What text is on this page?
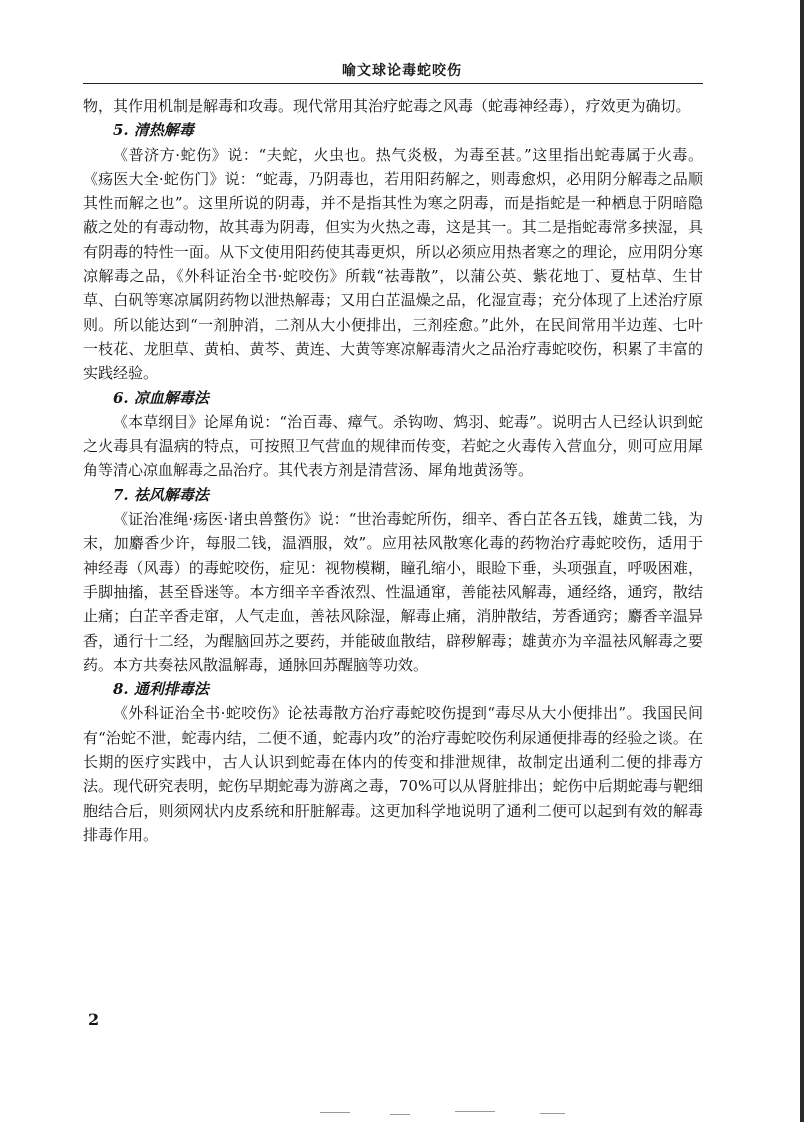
喻文球论毒蛇咬伤

物，其作用机制是解毒和攻毒。现代常用其治疗蛇毒之风毒（蛇毒神经毒），疗效更为确切。

5. 清热解毒

《普济方·蛇伤》说：“夫蛇，火虫也。热气炎极，为毒至甚。”这里指出蛇毒属于火毒。《疡医大全·蛇伤门》说：“蛇毒，乃阴毒也，若用阳药解之，则毒愈炽，必用阴分解毒之品顺其性而解之也”。这里所说的阴毒，并不是指其性为寒之阴毒，而是指蛇是一种栖息于阴暗隐蔽之处的有毒动物，故其毒为阴毒，但实为火热之毒，这是其一。其二是指蛇毒常多挟湿，具有阴毒的特性一面。从下文使用阳药使其毒更炽，所以必须应用热者寒之的理论，应用阴分寒凉解毒之品，《外科证治全书·蛇咬伤》所载“祛毒散”，以蒲公英、紫花地丁、夏枯草、生甘草、白矾等寒凉属阴药物以泄热解毒；又用白芷温燥之品，化湿宣毒；充分体现了上述治疗原则。所以能达到“一剂肿消，二剂从大小便排出，三剂痊愈。”此外，在民间常用半边莲、七叶一枝花、龙胆草、黄柏、黄芩、黄连、大黄等寒凉解毒清火之品治疗毒蛇咬伤，积累了丰富的实践经验。

6. 凉血解毒法

《本草纲目》论犀角说：“治百毒、瘴气。杀钩吻、鸩羽、蛇毒”。说明古人已经认识到蛇之火毒具有温病的特点，可按照卫气营血的规律而传变，若蛇之火毒传入营血分，则可应用犀角等清心凉血解毒之品治疗。其代表方剂是清营汤、犀角地黄汤等。

7. 祛风解毒法

《证治准绳·疡医·诸虫兽螫伤》说：“世治毒蛇所伤，细辛、香白芷各五钱，雄黄二钱，为末，加麝香少许，每服二钱，温酒服，效”。应用祛风散寒化毒的药物治疗毒蛇咬伤，适用于神经毒（风毒）的毒蛇咬伤，症见：视物模糊，瞳孔缩小，眼睑下垂，头项强直，呼吸困难，手脚抽搐，甚至昏迷等。本方细辛辛香浓烈、性温通窜，善能祛风解毒，通经络，通窍，散结止痛；白芷辛香走窜，人气走血，善祛风除湿，解毒止痛，消肿散结，芳香通窍；麝香辛温异香，通行十二经，为醒脑回苏之要药，并能破血散结，辟秽解毒；雄黄亦为辛温祛风解毒之要药。本方共奏祛风散温解毒，通脉回苏醒脑等功效。

8. 通利排毒法

《外科证治全书·蛇咬伤》论祛毒散方治疗毒蛇咬伤提到“毒尽从大小便排出”。我国民间有“治蛇不泄，蛇毒内结，二便不通，蛇毒内攻”的治疗毒蛇咬伤利尿通便排毒的经验之谈。在长期的医疗实践中，古人认识到蛇毒在体内的传变和排泄规律，故制定出通利二便的排毒方法。现代研究表明，蛇伤早期蛇毒为游离之毒，70%可以从肾脏排出；蛇伤中后期蛇毒与靶细胞结合后，则须网状内皮系统和肝脏解毒。这更加科学地说明了通利二便可以起到有效的解毒排毒作用。

2
